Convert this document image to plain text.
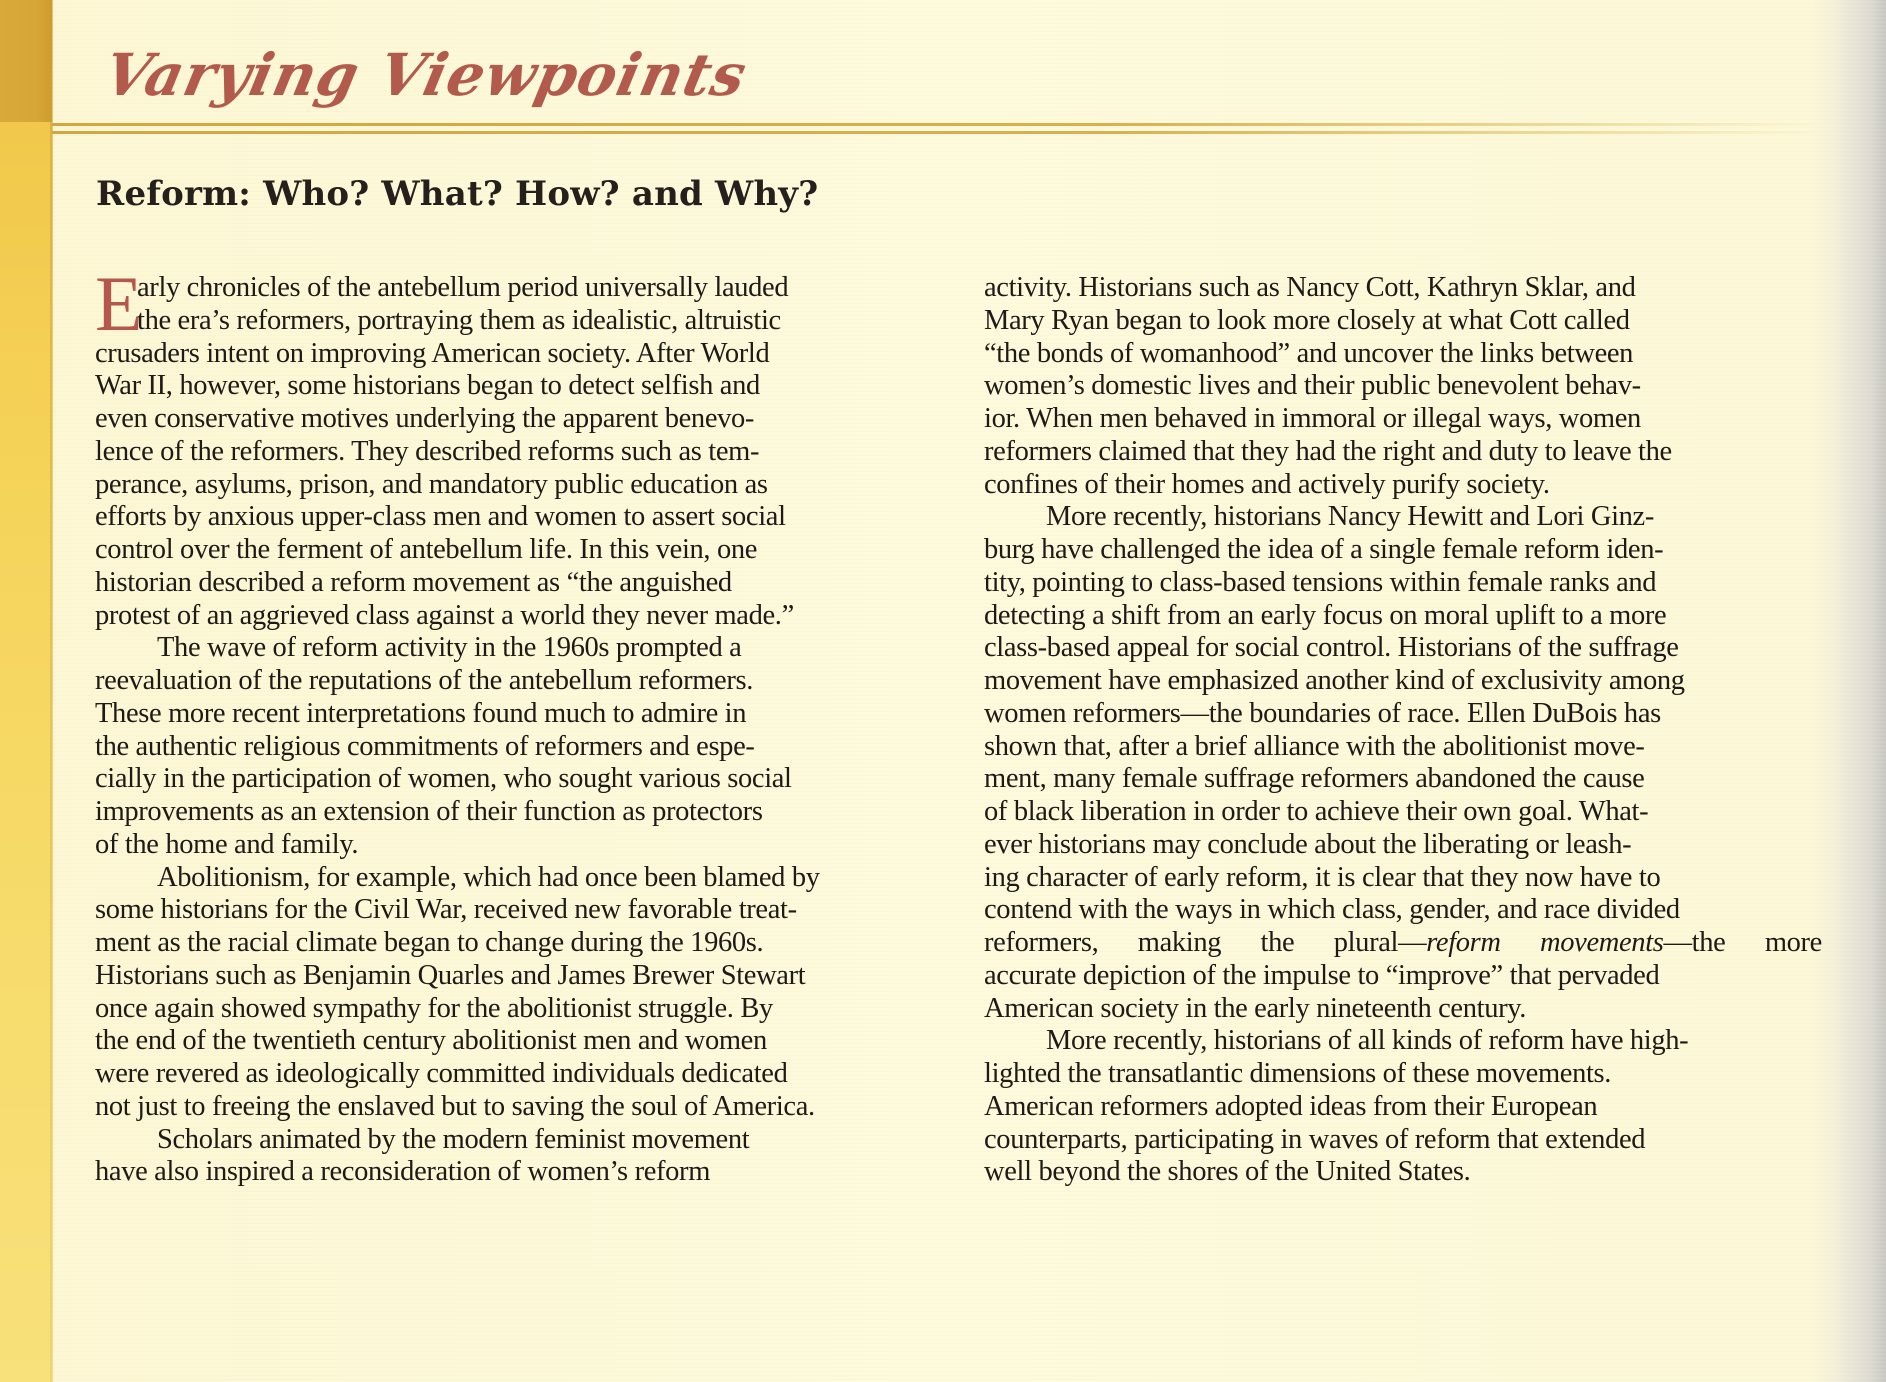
Varying Viewpoints
Reform: Who? What? How? and Why?
E
arly chronicles of the antebellum period universally lauded
the era’s reformers, portraying them as idealistic, altruistic
crusaders intent on improving American society. After World
War II, however, some historians began to detect selfish and
even conservative motives underlying the apparent benevo-
lence of the reformers. They described reforms such as tem-
perance, asylums, prison, and mandatory public education as
efforts by anxious upper-class men and women to assert social
control over the ferment of antebellum life. In this vein, one
historian described a reform movement as “the anguished
protest of an aggrieved class against a world they never made.”
The wave of reform activity in the 1960s prompted a
reevaluation of the reputations of the antebellum reformers.
These more recent interpretations found much to admire in
the authentic religious commitments of reformers and espe-
cially in the participation of women, who sought various social
improvements as an extension of their function as protectors
of the home and family.
Abolitionism, for example, which had once been blamed by
some historians for the Civil War, received new favorable treat-
ment as the racial climate began to change during the 1960s.
Historians such as Benjamin Quarles and James Brewer Stewart
once again showed sympathy for the abolitionist struggle. By
the end of the twentieth century abolitionist men and women
were revered as ideologically committed individuals dedicated
not just to freeing the enslaved but to saving the soul of America.
Scholars animated by the modern feminist movement
have also inspired a reconsideration of women’s reform
activity. Historians such as Nancy Cott, Kathryn Sklar, and
Mary Ryan began to look more closely at what Cott called
“the bonds of womanhood” and uncover the links between
women’s domestic lives and their public benevolent behav-
ior. When men behaved in immoral or illegal ways, women
reformers claimed that they had the right and duty to leave the
confines of their homes and actively purify society.
More recently, historians Nancy Hewitt and Lori Ginz-
burg have challenged the idea of a single female reform iden-
tity, pointing to class-based tensions within female ranks and
detecting a shift from an early focus on moral uplift to a more
class-based appeal for social control. Historians of the suffrage
movement have emphasized another kind of exclusivity among
women reformers—the boundaries of race. Ellen DuBois has
shown that, after a brief alliance with the abolitionist move-
ment, many female suffrage reformers abandoned the cause
of black liberation in order to achieve their own goal. What-
ever historians may conclude about the liberating or leash-
ing character of early reform, it is clear that they now have to
contend with the ways in which class, gender, and race divided
reformers, making the plural—reform movements—the more
accurate depiction of the impulse to “improve” that pervaded
American society in the early nineteenth century.
More recently, historians of all kinds of reform have high-
lighted the transatlantic dimensions of these movements.
American reformers adopted ideas from their European
counterparts, participating in waves of reform that extended
well beyond the shores of the United States.
